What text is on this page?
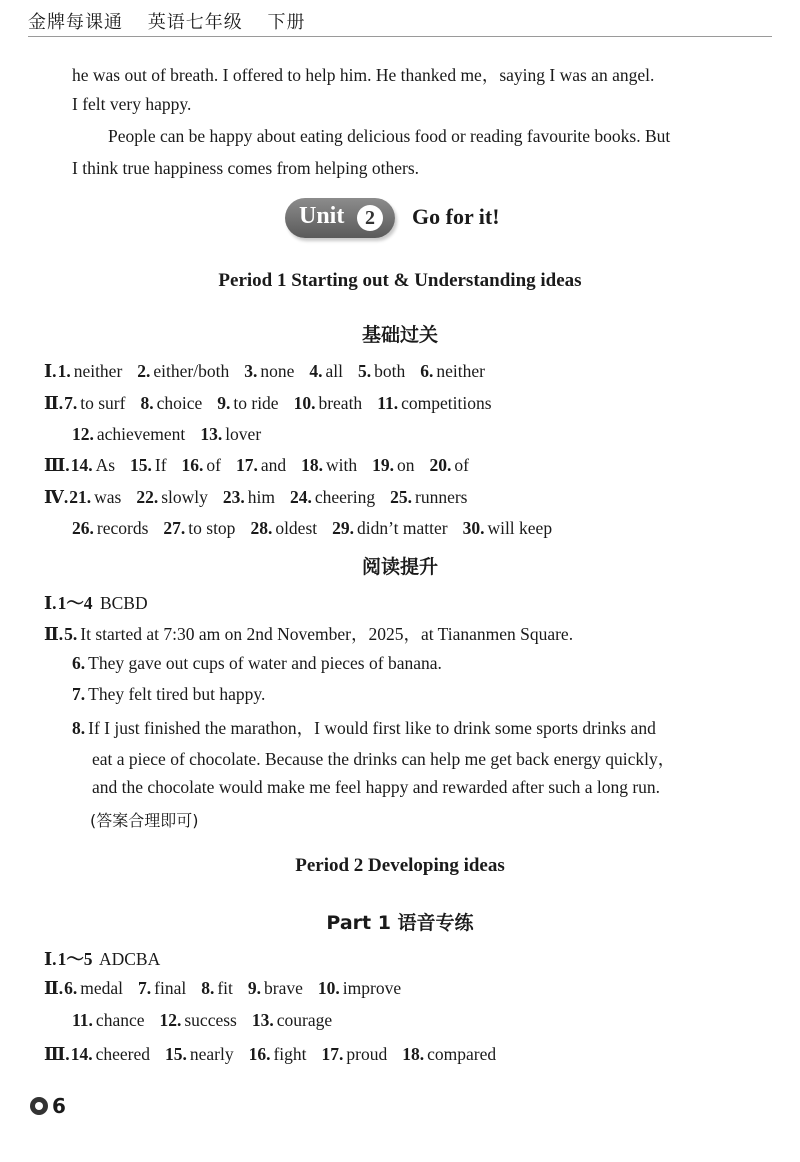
金牌每课通 英语七年级 下册
he was out of breath. I offered to help him. He thanked me，saying I was an angel.
I felt very happy.
People can be happy about eating delicious food or reading favourite books. But
I think true happiness comes from helping others.
Unit	2	Go for it!
Period 1 Starting out & Understanding ideas
基础过关
Ⅰ.1. neither 2. either/both 3. none 4. all 5. both 6. neither
Ⅱ.7. to surf 8. choice 9. to ride 10. breath 11. competitions
12. achievement 13. lover
Ⅲ.14. As 15. If 16. of 17. and 18. with 19. on 20. of
Ⅳ.21. was 22. slowly 23. him 24. cheering 25. runners
26. records 27. to stop 28. oldest 29. didn’t matter 30. will keep
阅读提升
Ⅰ.1～4 BCBD
Ⅱ.5. It started at 7:30 am on 2nd November，2025，at Tiananmen Square.
6. They gave out cups of water and pieces of banana.
7. They felt tired but happy.
8. If I just finished the marathon，I would first like to drink some sports drinks and
eat a piece of chocolate. Because the drinks can help me get back energy quickly，
and the chocolate would make me feel happy and rewarded after such a long run.
(答案合理即可)
Period 2 Developing ideas
Part 1 语音专练
Ⅰ.1～5 ADCBA
Ⅱ.6. medal 7. final 8. fit 9. brave 10. improve
11. chance 12. success 13. courage
Ⅲ.14. cheered 15. nearly 16. fight 17. proud 18. compared
6
